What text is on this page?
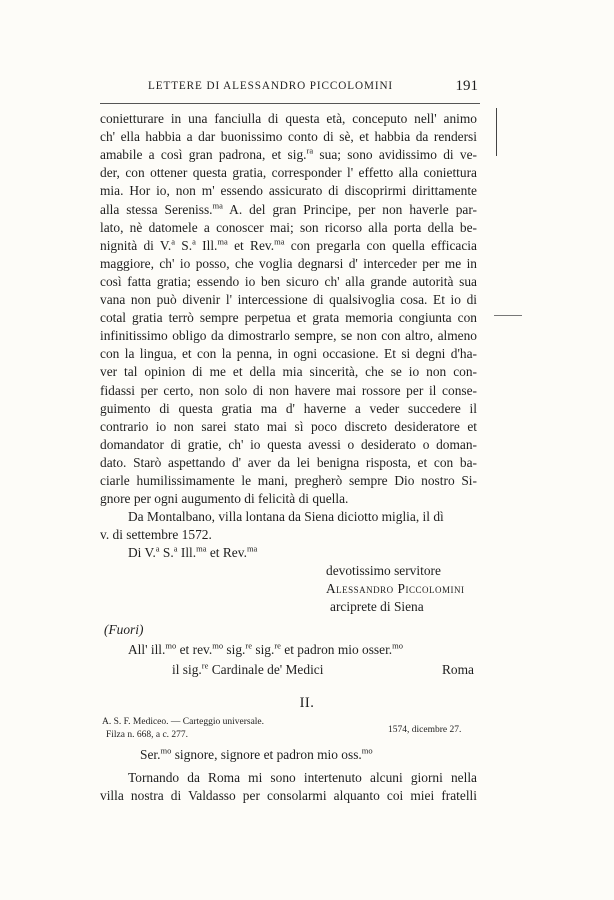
LETTERE DI ALESSANDRO PICCOLOMINI	191
conietturare in una fanciulla di questa età, conceputo nell' animo
ch' ella habbia a dar buonissimo conto di sè, et habbia da rendersi
amabile a così gran padrona, et sig.$^{ra}$ sua; sono avidissimo di ve-
der, con ottener questa gratia, corresponder l' effetto alla coniettura
mia. Hor io, non m' essendo assicurato di discoprirmi dirittamente
alla stessa Sereniss.$^{ma}$ A. del gran Principe, per non haverle par-
lato, nè datomele a conoscer mai; son ricorso alla porta della be-
nignità di V.$^a$ S.$^a$ Ill.$^{ma}$ et Rev.$^{ma}$ con pregarla con quella efficacia
maggiore, ch' io posso, che voglia degnarsi d' interceder per me in
così fatta gratia; essendo io ben sicuro ch' alla grande autorità sua
vana non può divenir l' intercessione di qualsivoglia cosa. Et io di
cotal gratia terrò sempre perpetua et grata memoria congiunta con
infinitissimo obligo da dimostrarlo sempre, se non con altro, almeno
con la lingua, et con la penna, in ogni occasione. Et si degni d'ha-
ver tal opinion di me et della mia sincerità, che se io non con-
fidassi per certo, non solo di non havere mai rossore per il conse-
guimento di questa gratia ma d' haverne a veder succedere il
contrario io non sarei stato mai sì poco discreto desideratore et
domandator di gratie, ch' io questa avessi o desiderato o doman-
dato. Starò aspettando d' aver da lei benigna risposta, et con ba-
ciarle humilissimamente le mani, pregherò sempre Dio nostro Si-
gnore per ogni augumento di felicità di quella.
Da Montalbano, villa lontana da Siena diciotto miglia, il dì
v. di settembre 1572.
Di V.$^a$ S.$^a$ Ill.$^{ma}$ et Rev.$^{ma}$
devotissimo servitore
Alessandro Piccolomini
arciprete di Siena
(Fuori)
All' ill.$^{mo}$ et rev.$^{mo}$ sig.$^{re}$ sig.$^{re}$ et padron mio osser.$^{mo}$
il sig.$^{re}$ Cardinale de' Medici	Roma
II.
A. S. F. Mediceo. — Carteggio universale.
Filza n. 668, a c. 277.	1574, dicembre 27.
Ser.$^{mo}$ signore, signore et padron mio oss.$^{mo}$
Tornando da Roma mi sono intertenuto alcuni giorni nella
villa nostra di Valdasso per consolarmi alquanto coi miei fratelli
